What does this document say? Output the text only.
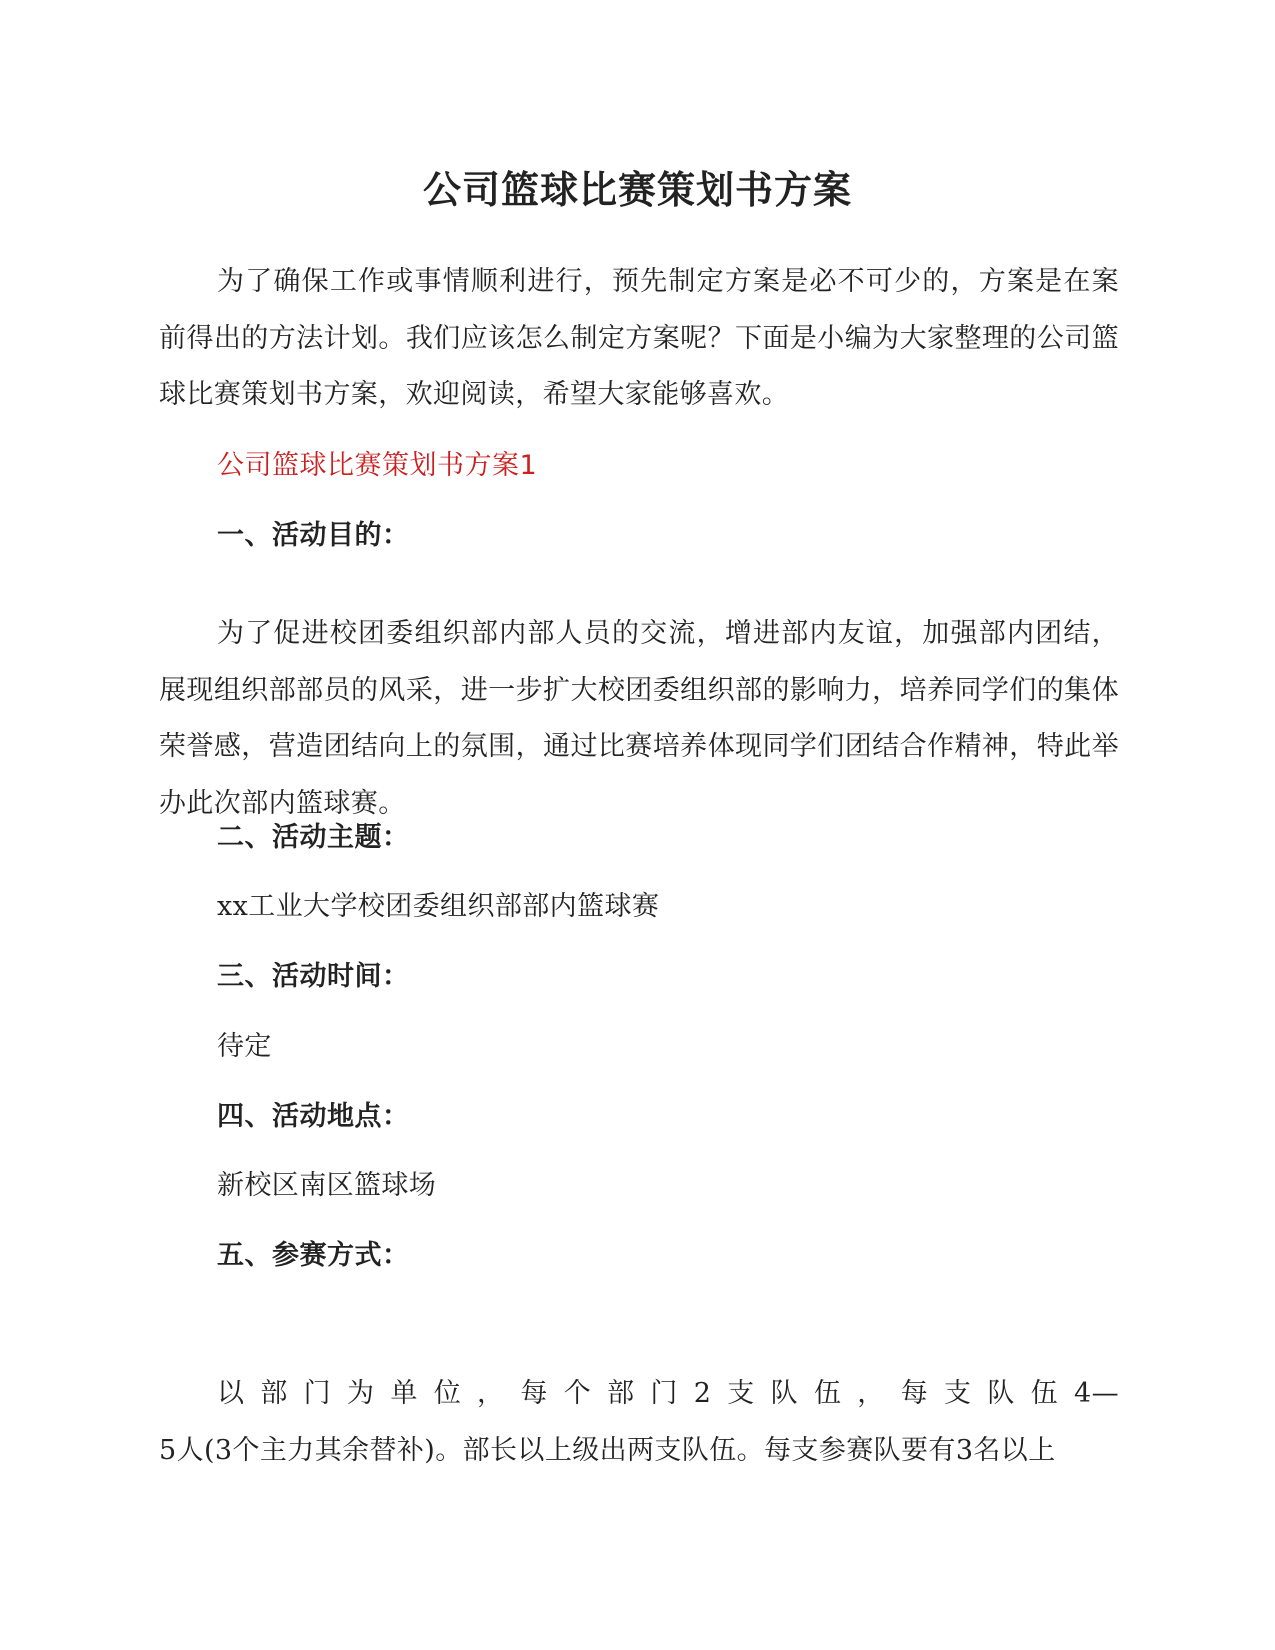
公司篮球比赛策划书方案
为了确保工作或事情顺利进行，预先制定方案是必不可少的，方案是在案前得出的方法计划。我们应该怎么制定方案呢？下面是小编为大家整理的公司篮球比赛策划书方案，欢迎阅读，希望大家能够喜欢。
公司篮球比赛策划书方案1
一、活动目的：
为了促进校团委组织部内部人员的交流，增进部内友谊，加强部内团结，展现组织部部员的风采，进一步扩大校团委组织部的影响力，培养同学们的集体荣誉感，营造团结向上的氛围，通过比赛培养体现同学们团结合作精神，特此举办此次部内篮球赛。
二、活动主题：
xx工业大学校团委组织部部内篮球赛
三、活动时间：
待定
四、活动地点：
新校区南区篮球场
五、参赛方式：
以部门为单位，每个部门2支队伍，每支队伍4—
5人(3个主力其余替补)。部长以上级出两支队伍。每支参赛队要有3名以上
